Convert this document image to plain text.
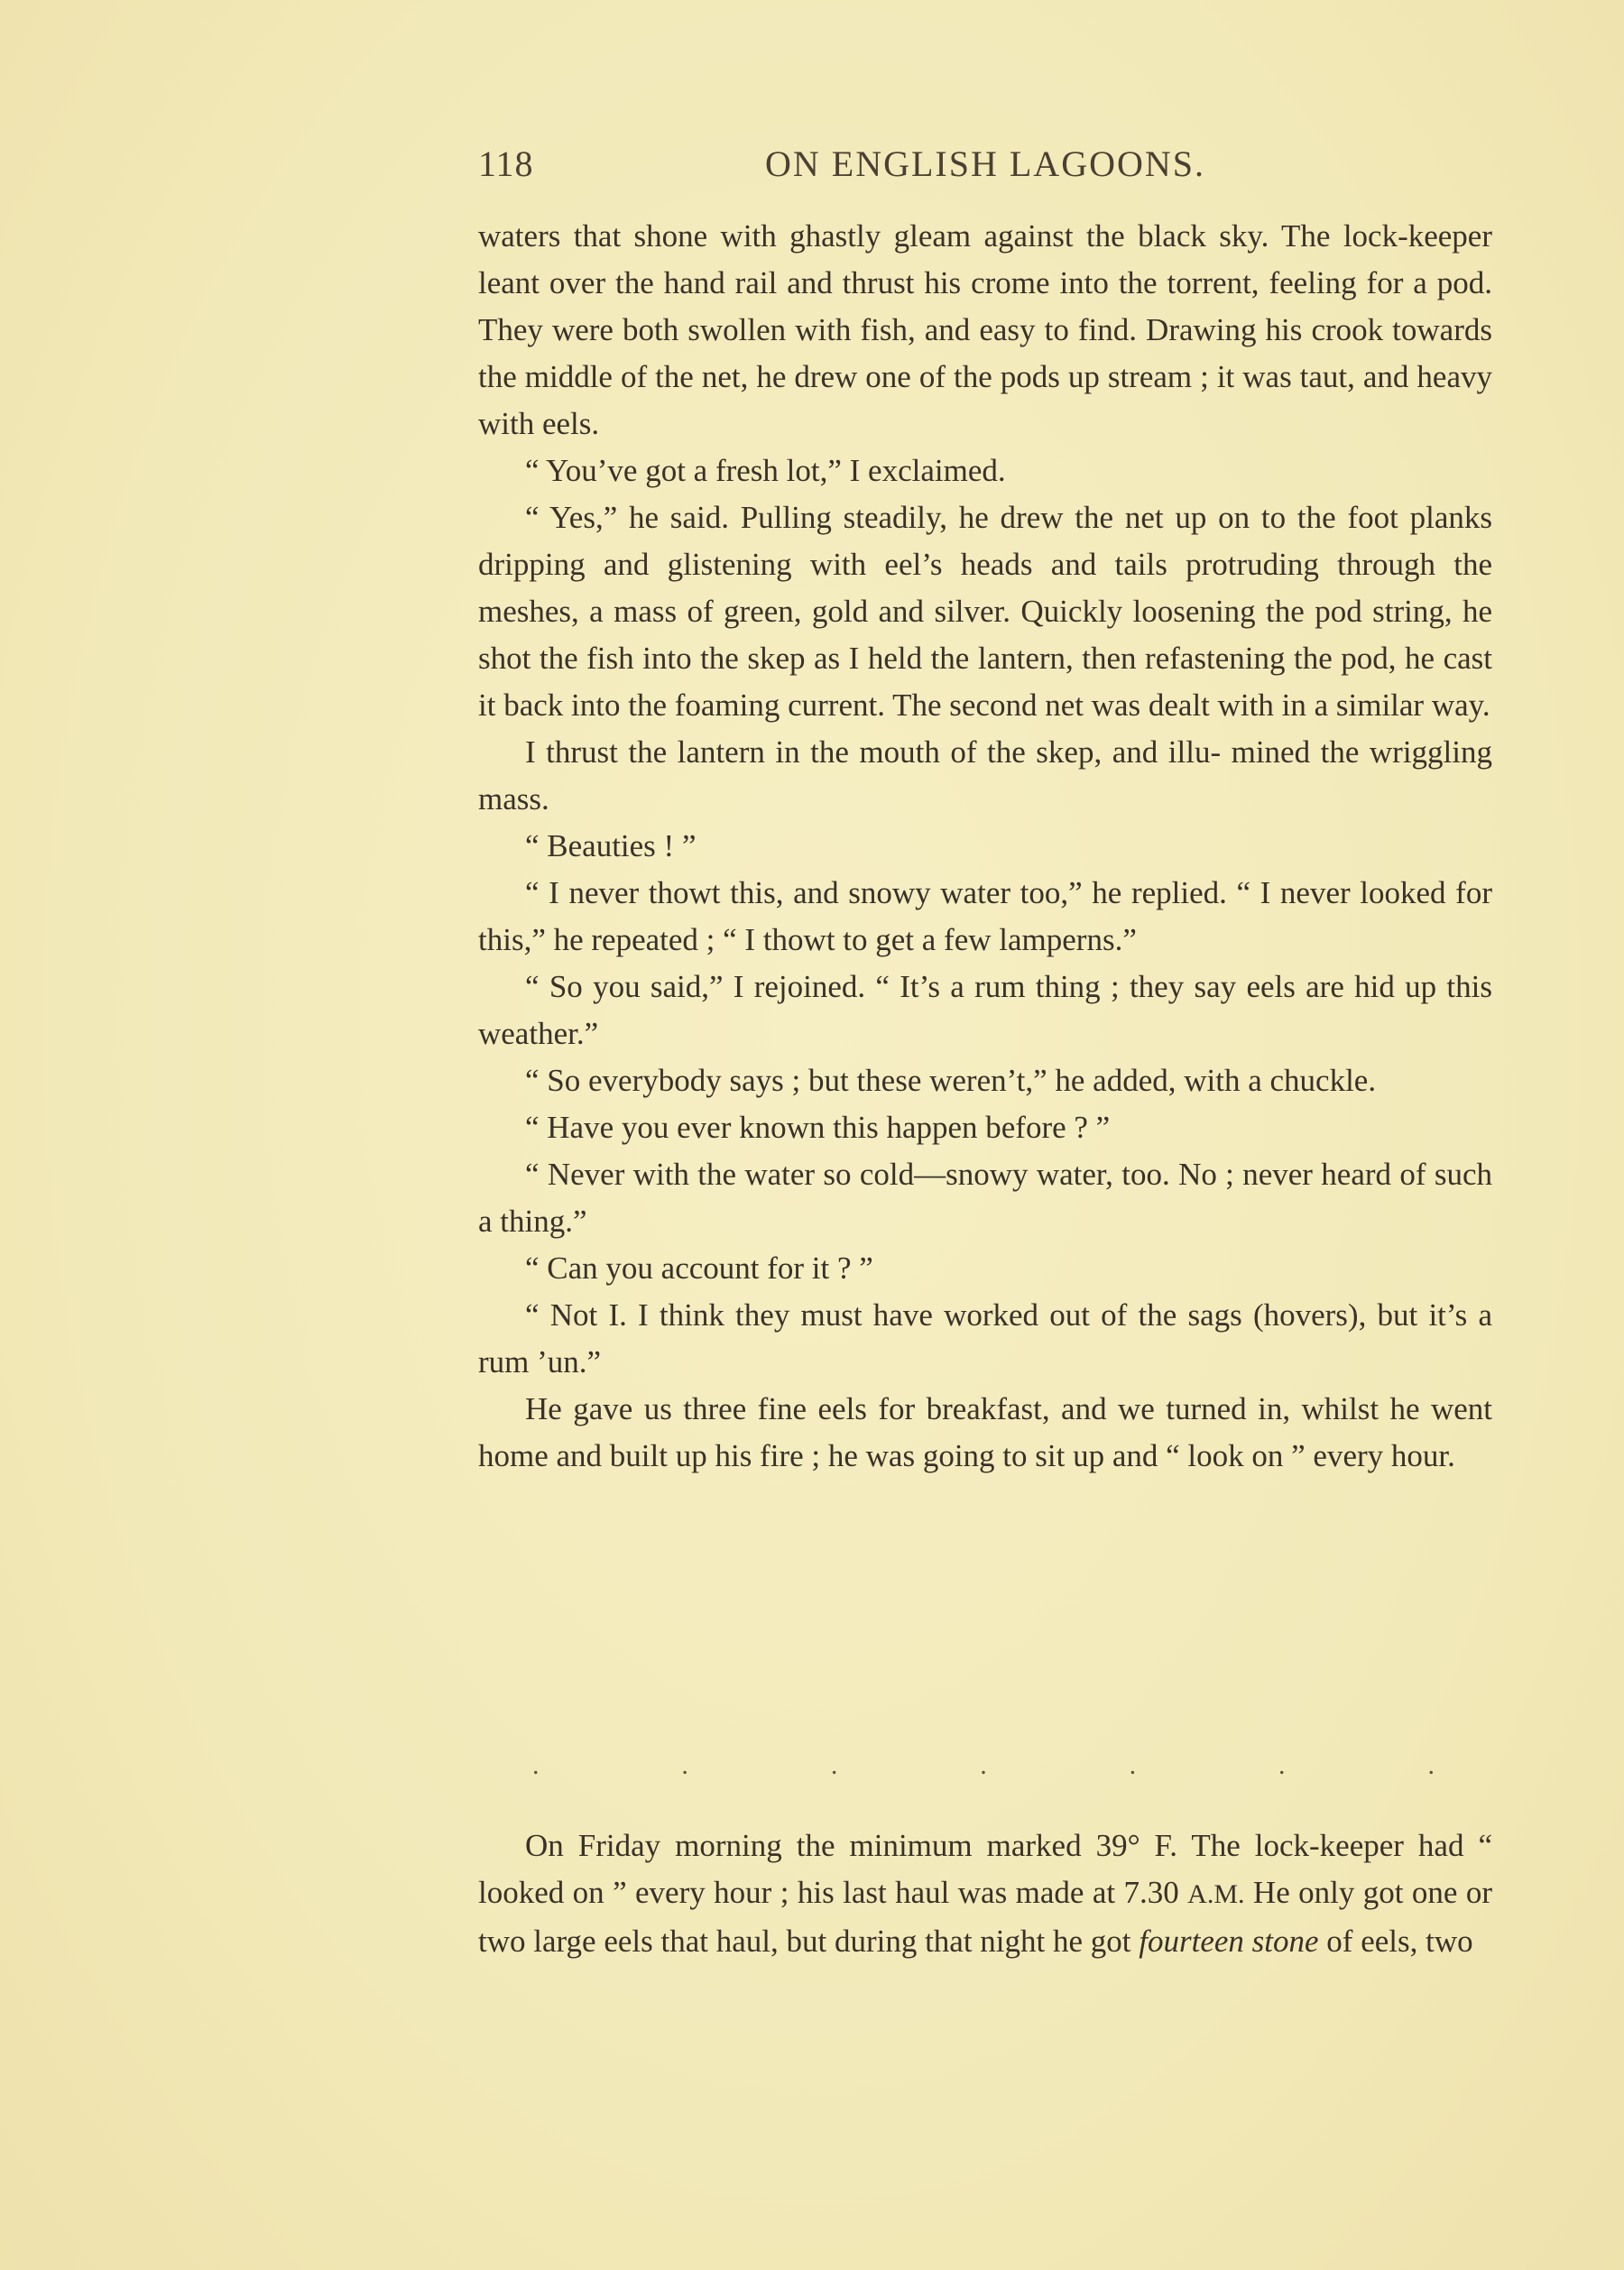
118	ON ENGLISH LAGOONS.

waters that shone with ghastly gleam against the black sky. The lock-keeper leant over the hand rail and thrust his crome into the torrent, feeling for a pod. They were both swollen with fish, and easy to find. Drawing his crook towards the middle of the net, he drew one of the pods up stream ; it was taut, and heavy with eels.

“ You’ve got a fresh lot,” I exclaimed.

“ Yes,” he said. Pulling steadily, he drew the net up on to the foot planks dripping and glistening with eel’s heads and tails protruding through the meshes, a mass of green, gold and silver. Quickly loosening the pod string, he shot the fish into the skep as I held the lantern, then refastening the pod, he cast it back into the foaming current. The second net was dealt with in a similar way.

I thrust the lantern in the mouth of the skep, and illu- mined the wriggling mass.

“ Beauties ! ”

“ I never thowt this, and snowy water too,” he replied. “ I never looked for this,” he repeated ; “ I thowt to get a few lamperns.”

“ So you said,” I rejoined. “ It’s a rum thing ; they say eels are hid up this weather.”

“ So everybody says ; but these weren’t,” he added, with a chuckle.

“ Have you ever known this happen before ? ”

“ Never with the water so cold—snowy water, too. No ; never heard of such a thing.”

“ Can you account for it ? ”

“ Not I. I think they must have worked out of the sags (hovers), but it’s a rum ’un.”

He gave us three fine eels for breakfast, and we turned in, whilst he went home and built up his fire ; he was going to sit up and “ look on ” every hour.

.	.	.	.	.	.	.

On Friday morning the minimum marked 39° F. The lock-keeper had “ looked on ” every hour ; his last haul was made at 7.30 A.M. He only got one or two large eels that haul, but during that night he got fourteen stone of eels, two
